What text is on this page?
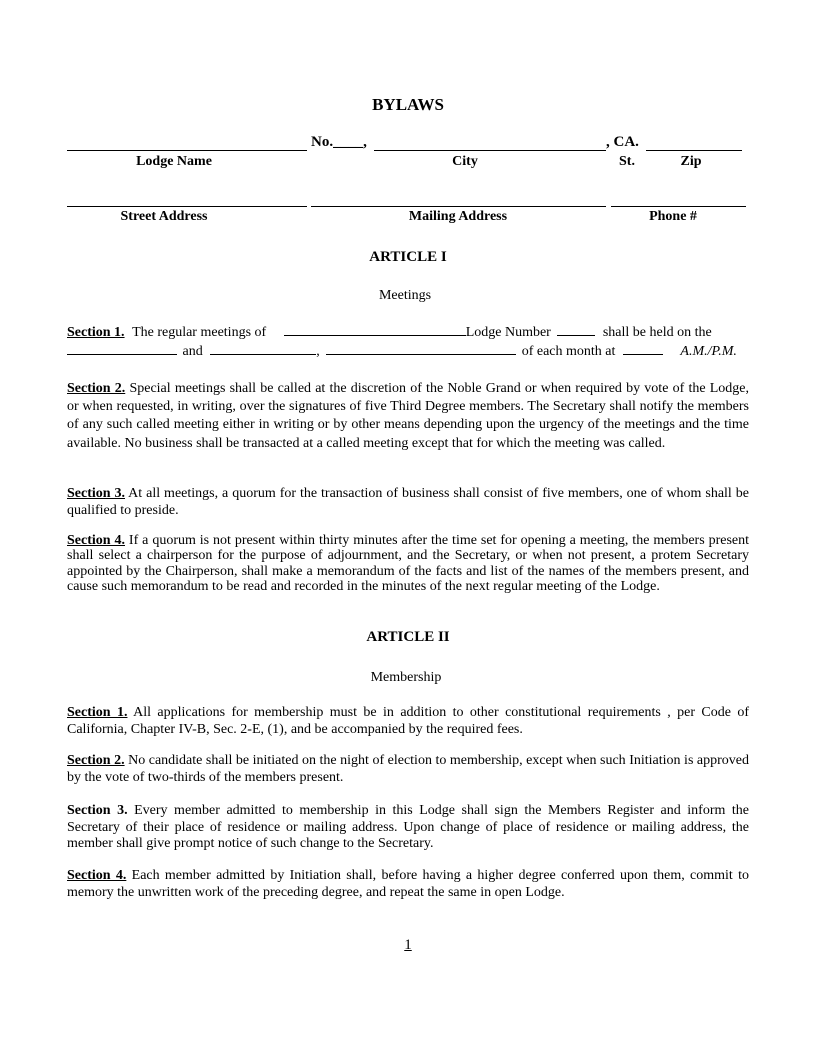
BYLAWS
No.____,	, CA.
Lodge Name	City	St.	Zip
Street Address	Mailing Address	Phone #
ARTICLE I
Meetings
Section 1. The regular meetings of	Lodge Number	shall be held on the
and	,	of each month at	A.M./P.M.
Section 2. Special meetings shall be called at the discretion of the Noble Grand or when required by vote of the Lodge, or when requested, in writing, over the signatures of five Third Degree members. The Secretary shall notify the members of any such called meeting either in writing or by other means depending upon the urgency of the meetings and the time available. No business shall be transacted at a called meeting except that for which the meeting was called.
Section 3. At all meetings, a quorum for the transaction of business shall consist of five members, one of whom shall be qualified to preside.
Section 4. If a quorum is not present within thirty minutes after the time set for opening a meeting, the members present shall select a chairperson for the purpose of adjournment, and the Secretary, or when not present, a protem Secretary appointed by the Chairperson, shall make a memorandum of the facts and list of the names of the members present, and cause such memorandum to be read and recorded in the minutes of the next regular meeting of the Lodge.
ARTICLE II
Membership
Section 1. All applications for membership must be in addition to other constitutional requirements , per Code of California, Chapter IV-B, Sec. 2-E, (1), and be accompanied by the required fees.
Section 2. No candidate shall be initiated on the night of election to membership, except when such Initiation is approved by the vote of two-thirds of the members present.
Section 3. Every member admitted to membership in this Lodge shall sign the Members Register and inform the Secretary of their place of residence or mailing address. Upon change of place of residence or mailing address, the member shall give prompt notice of such change to the Secretary.
Section 4. Each member admitted by Initiation shall, before having a higher degree conferred upon them, commit to memory the unwritten work of the preceding degree, and repeat the same in open Lodge.
1
